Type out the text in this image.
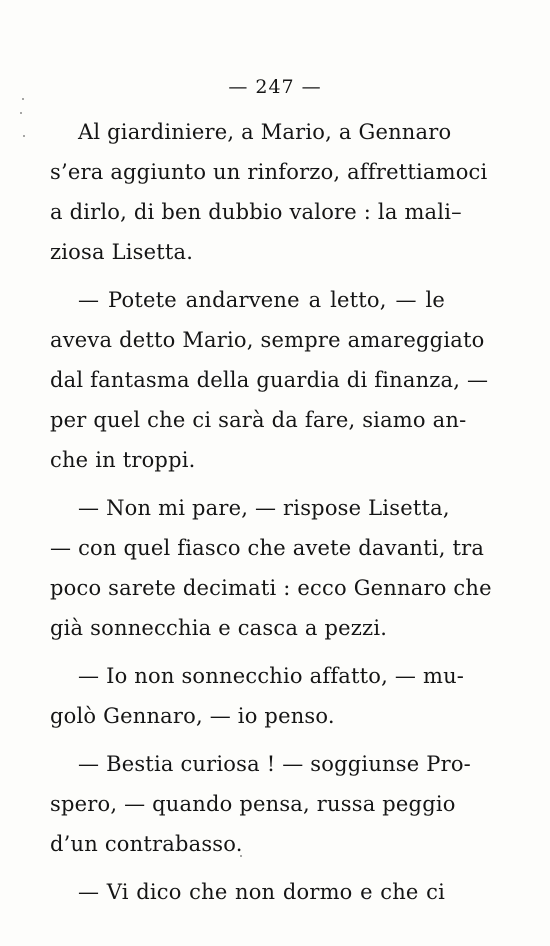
— 247 —
Al giardiniere, a Mario, a Gennaro
s’era aggiunto un rinforzo, affrettiamoci
a dirlo, di ben dubbio valore : la mali–
ziosa Lisetta.
— Potete andarvene a letto, — le
aveva detto Mario, sempre amareggiato
dal fantasma della guardia di finanza, —
per quel che ci sarà da fare, siamo an-
che in troppi.
— Non mi pare, — rispose Lisetta,
— con quel fiasco che avete davanti, tra
poco sarete decimati : ecco Gennaro che
già sonnecchia e casca a pezzi.
— Io non sonnecchio affatto, — mu-
golò Gennaro, — io penso.
— Bestia curiosa ! — soggiunse Pro-
spero, — quando pensa, russa peggio
d’un contrabasso.
— Vi dico che non dormo e che ci
